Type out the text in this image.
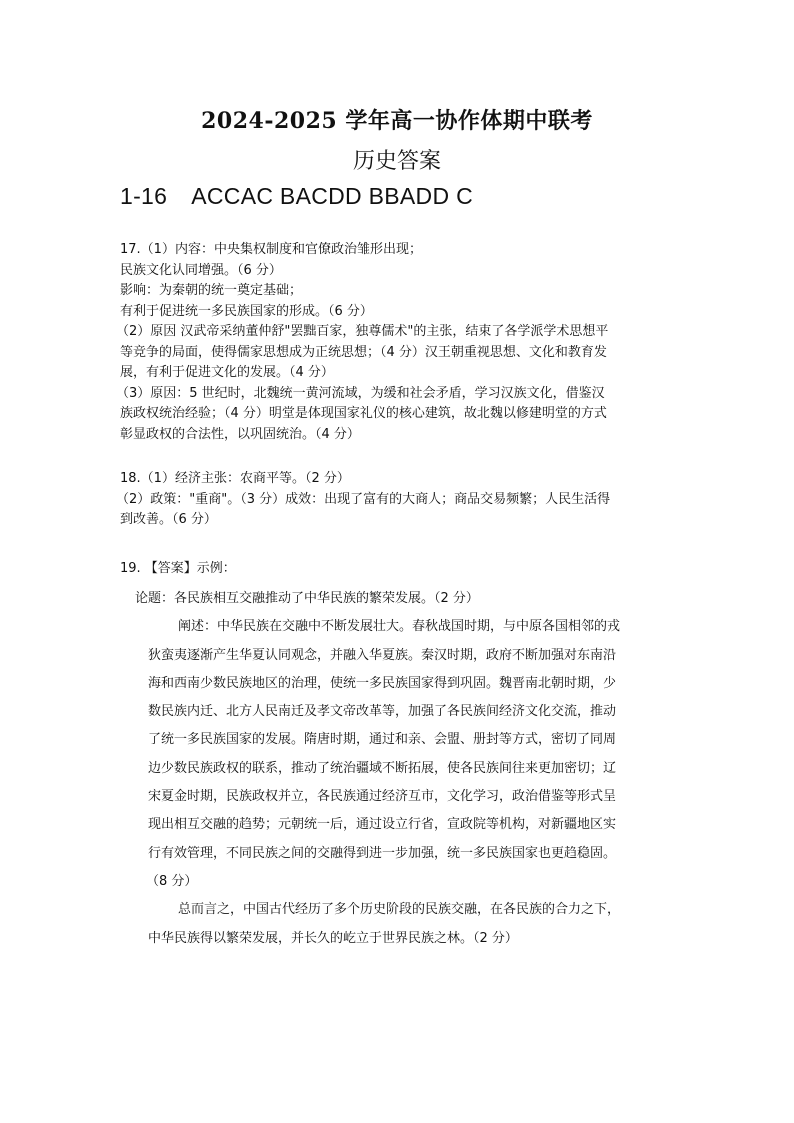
2024-2025 学年高一协作体期中联考
历史答案
1-16 ACCAC BACDD BBADD C
17.（1）内容：中央集权制度和官僚政治雏形出现；
民族文化认同增强。（6 分）
影响：为秦朝的统一奠定基础；
有利于促进统一多民族国家的形成。（6 分）
（2）原因 汉武帝采纳董仲舒"罢黜百家，独尊儒术"的主张，结束了各学派学术思想平
等竞争的局面，使得儒家思想成为正统思想；（4 分）汉王朝重视思想、文化和教育发
展，有利于促进文化的发展。（4 分）
（3）原因：5 世纪时，北魏统一黄河流域，为缓和社会矛盾，学习汉族文化，借鉴汉
族政权统治经验；（4 分）明堂是体现国家礼仪的核心建筑，故北魏以修建明堂的方式
彰显政权的合法性，以巩固统治。（4 分）
18.（1）经济主张：农商平等。（2 分）
（2）政策："重商"。（3 分）成效：出现了富有的大商人；商品交易频繁；人民生活得
到改善。（6 分）
19. 【答案】示例：
论题：各民族相互交融推动了中华民族的繁荣发展。（2 分）
阐述：中华民族在交融中不断发展壮大。春秋战国时期，与中原各国相邻的戎
狄蛮夷逐渐产生华夏认同观念，并融入华夏族。秦汉时期，政府不断加强对东南沿
海和西南少数民族地区的治理，使统一多民族国家得到巩固。魏晋南北朝时期，少
数民族内迁、北方人民南迁及孝文帝改革等，加强了各民族间经济文化交流，推动
了统一多民族国家的发展。隋唐时期，通过和亲、会盟、册封等方式，密切了同周
边少数民族政权的联系，推动了统治疆域不断拓展，使各民族间往来更加密切；辽
宋夏金时期，民族政权并立，各民族通过经济互市，文化学习，政治借鉴等形式呈
现出相互交融的趋势；元朝统一后，通过设立行省，宣政院等机构，对新疆地区实
行有效管理，不同民族之间的交融得到进一步加强，统一多民族国家也更趋稳固。
（8 分）
总而言之，中国古代经历了多个历史阶段的民族交融，在各民族的合力之下，
中华民族得以繁荣发展，并长久的屹立于世界民族之林。（2 分）
